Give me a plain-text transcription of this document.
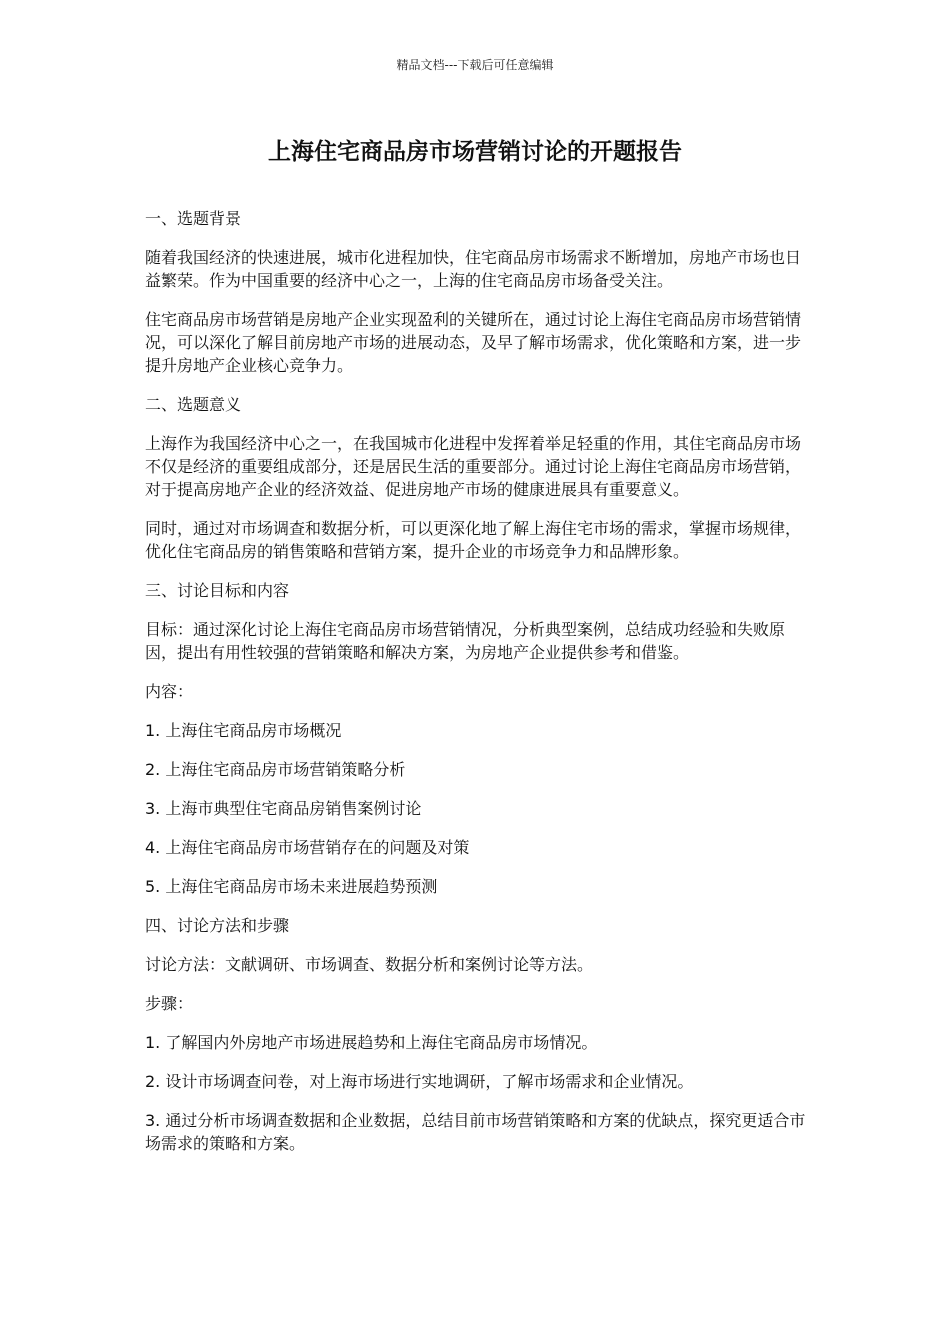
精品文档---下载后可任意编辑
上海住宅商品房市场营销讨论的开题报告
一、选题背景
随着我国经济的快速进展，城市化进程加快，住宅商品房市场需求不断增加，房地产市场也日益繁荣。作为中国重要的经济中心之一，上海的住宅商品房市场备受关注。
住宅商品房市场营销是房地产企业实现盈利的关键所在，通过讨论上海住宅商品房市场营销情况，可以深化了解目前房地产市场的进展动态，及早了解市场需求，优化策略和方案，进一步提升房地产企业核心竞争力。
二、选题意义
上海作为我国经济中心之一，在我国城市化进程中发挥着举足轻重的作用，其住宅商品房市场不仅是经济的重要组成部分，还是居民生活的重要部分。通过讨论上海住宅商品房市场营销，对于提高房地产企业的经济效益、促进房地产市场的健康进展具有重要意义。
同时，通过对市场调查和数据分析，可以更深化地了解上海住宅市场的需求，掌握市场规律，优化住宅商品房的销售策略和营销方案，提升企业的市场竞争力和品牌形象。
三、讨论目标和内容
目标：通过深化讨论上海住宅商品房市场营销情况，分析典型案例，总结成功经验和失败原因，提出有用性较强的营销策略和解决方案，为房地产企业提供参考和借鉴。
内容：
1. 上海住宅商品房市场概况
2. 上海住宅商品房市场营销策略分析
3. 上海市典型住宅商品房销售案例讨论
4. 上海住宅商品房市场营销存在的问题及对策
5. 上海住宅商品房市场未来进展趋势预测
四、讨论方法和步骤
讨论方法：文献调研、市场调查、数据分析和案例讨论等方法。
步骤：
1. 了解国内外房地产市场进展趋势和上海住宅商品房市场情况。
2. 设计市场调查问卷，对上海市场进行实地调研，了解市场需求和企业情况。
3. 通过分析市场调查数据和企业数据，总结目前市场营销策略和方案的优缺点，探究更适合市场需求的策略和方案。
